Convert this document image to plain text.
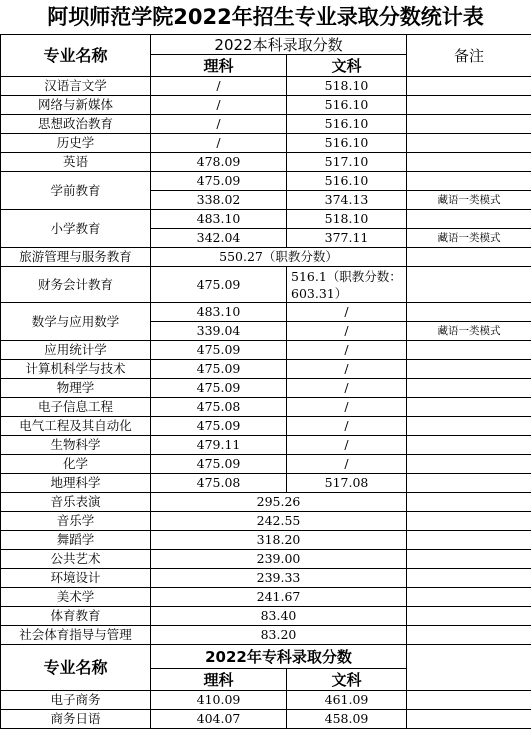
阿坝师范学院2022年招生专业录取分数统计表
专业名称	2022本科录取分数		备注
	理科	文科	
汉语言文学	/	518.10	
网络与新媒体	/	516.10	
思想政治教育	/	516.10	
历史学	/	516.10	
英语	478.09	517.10	
学前教育	475.09	516.10	
	338.02	374.13	藏语一类模式
小学教育	483.10	518.10	
	342.04	377.11	藏语一类模式
旅游管理与服务教育	550.27（职教分数）		
财务会计教育	475.09	516.1（职教分数： 603.31）	
数学与应用数学	483.10	/	
	339.04	/	藏语一类模式
应用统计学	475.09	/	
计算机科学与技术	475.09	/	
物理学	475.09	/	
电子信息工程	475.08	/	
电气工程及其自动化	475.09	/	
生物科学	479.11	/	
化学	475.09	/	
地理科学	475.08	517.08	
音乐表演	295.26		
音乐学	242.55		
舞蹈学	318.20		
公共艺术	239.00		
环境设计	239.33		
美术学	241.67		
体育教育	83.40		
社会体育指导与管理	83.20		
专业名称	2022年专科录取分数		
	理科	文科	
电子商务	410.09	461.09	
商务日语	404.07	458.09	
